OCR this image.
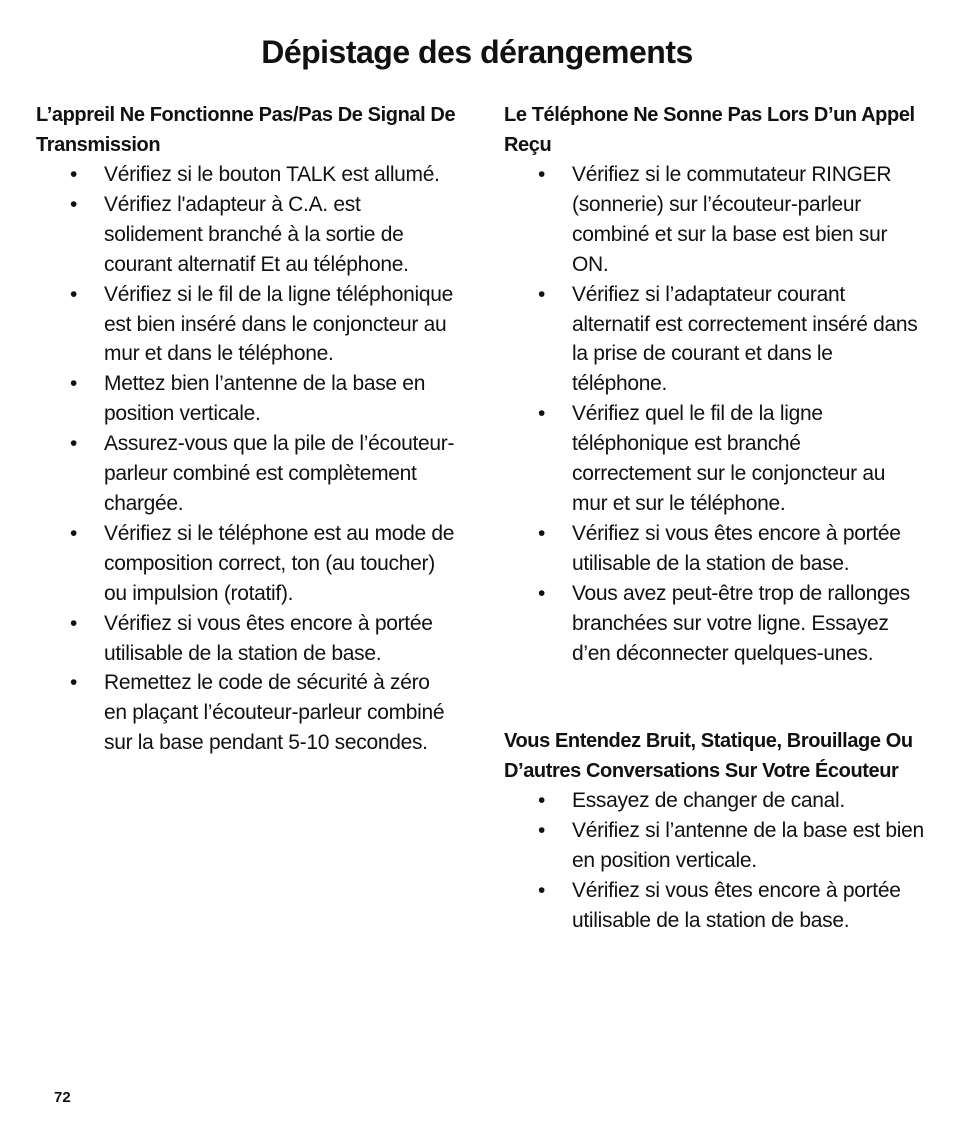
Dépistage des dérangements
L’appreil Ne Fonctionne Pas/Pas De Signal De Transmission
• Vérifiez si le bouton TALK est allumé.
• Vérifiez l'adapteur à C.A. est solidement branché à la sortie de courant alternatif Et au téléphone.
• Vérifiez si le fil de la ligne téléphonique est bien inséré dans le conjoncteur au mur et dans le téléphone.
• Mettez bien l’antenne de la base en position verticale.
• Assurez-vous que la pile de l’écouteur-parleur combiné est complètement chargée.
• Vérifiez si le téléphone est au mode de composition correct, ton (au toucher) ou impulsion (rotatif).
• Vérifiez si vous êtes encore à portée utilisable de la station de base.
• Remettez le code de sécurité à zéro en plaçant l’écouteur-parleur combiné sur la base pendant 5-10 secondes.
Le Téléphone Ne Sonne Pas Lors D’un Appel Reçu
• Vérifiez si le commutateur RINGER (sonnerie) sur l’écouteur-parleur combiné et sur la base est bien sur ON.
• Vérifiez si l’adaptateur courant alternatif est correctement inséré dans la prise de courant et dans le téléphone.
• Vérifiez quel le fil de la ligne téléphonique est branché correctement sur le conjoncteur au mur et sur le téléphone.
• Vérifiez si vous êtes encore à portée utilisable de la station de base.
• Vous avez peut-être trop de rallonges branchées sur votre ligne. Essayez d’en déconnecter quelques-unes.
Vous Entendez Bruit, Statique, Brouillage Ou D’autres Conversations Sur Votre Écouteur
• Essayez de changer de canal.
• Vérifiez si l’antenne de la base est bien en position verticale.
• Vérifiez si vous êtes encore à portée utilisable de la station de base.
72
